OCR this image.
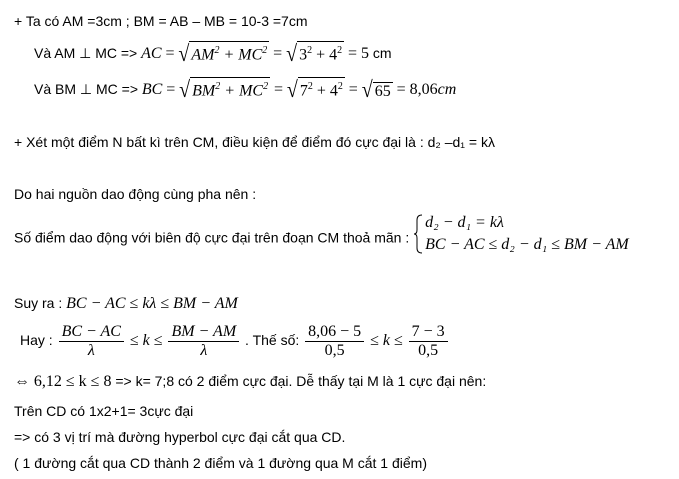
+ Ta có AM =3cm ; BM = AB – MB = 10-3 =7cm
Và AM ⊥ MC => AC = √ $AM^2 + MC^2$ = √ $3^2 + 4^2 = 5$ cm
Và BM ⊥ MC => BC = √ $BM^2 + MC^2$ = √ $7^2 + 4^2$ = √ 65 = 8,06cm
+ Xét một điểm N bất kì trên CM, điều kiện để điểm đó cực đại là : d₂ –d₁ = kλ
Do hai nguồn dao động cùng pha nên :
Số điểm dao động với biên độ cực đại trên đoạn CM thoả mãn :
d₂ − d₁ = kλ
BC − AC ≤ d₂ − d₁ ≤ BM − AM
Suy ra : BC − AC ≤ kλ ≤ BM − AM
Hay : $\frac{BC - AC}{\lambda} \le k \le \frac{BM - AM}{\lambda}$ . Thế số: $\frac{8,06 - 5}{0,5} \le k \le \frac{7 - 3}{0,5}$
⇔ 6,12 ≤ k ≤ 8 => k= 7;8 có 2 điểm cực đại. Dễ thấy tại M là 1 cực đại nên:
Trên CD có 1x2+1= 3cực đại
=> có 3 vị trí mà đường hyperbol cực đại cắt qua CD.
( 1 đường cắt qua CD thành 2 điểm và 1 đường qua M cắt 1 điểm)
